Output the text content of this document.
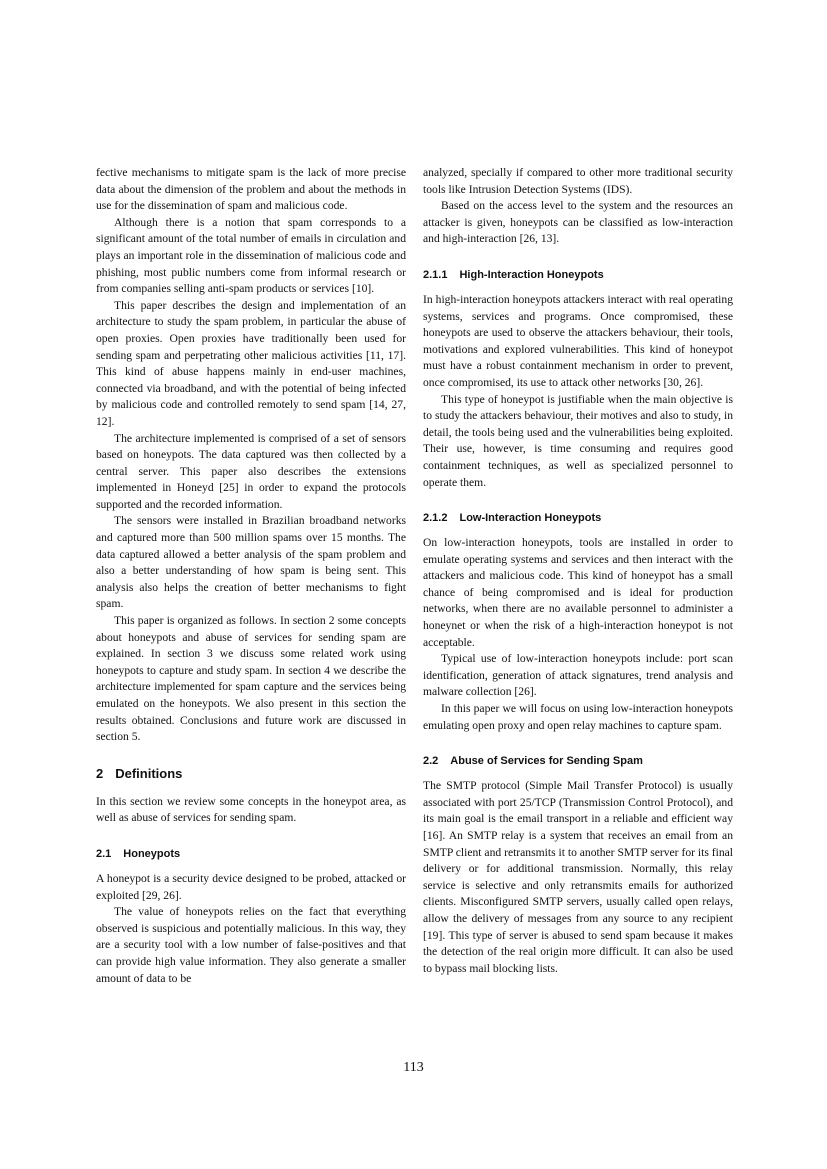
fective mechanisms to mitigate spam is the lack of more precise data about the dimension of the problem and about the methods in use for the dissemination of spam and malicious code.

Although there is a notion that spam corresponds to a significant amount of the total number of emails in circulation and plays an important role in the dissemination of malicious code and phishing, most public numbers come from informal research or from companies selling anti-spam products or services [10].

This paper describes the design and implementation of an architecture to study the spam problem, in particular the abuse of open proxies. Open proxies have traditionally been used for sending spam and perpetrating other malicious activities [11, 17]. This kind of abuse happens mainly in end-user machines, connected via broadband, and with the potential of being infected by malicious code and controlled remotely to send spam [14, 27, 12].

The architecture implemented is comprised of a set of sensors based on honeypots. The data captured was then collected by a central server. This paper also describes the extensions implemented in Honeyd [25] in order to expand the protocols supported and the recorded information.

The sensors were installed in Brazilian broadband networks and captured more than 500 million spams over 15 months. The data captured allowed a better analysis of the spam problem and also a better understanding of how spam is being sent. This analysis also helps the creation of better mechanisms to fight spam.

This paper is organized as follows. In section 2 some concepts about honeypots and abuse of services for sending spam are explained. In section 3 we discuss some related work using honeypots to capture and study spam. In section 4 we describe the architecture implemented for spam capture and the services being emulated on the honeypots. We also present in this section the results obtained. Conclusions and future work are discussed in section 5.

2 Definitions

In this section we review some concepts in the honeypot area, as well as abuse of services for sending spam.

2.1 Honeypots

A honeypot is a security device designed to be probed, attacked or exploited [29, 26].

The value of honeypots relies on the fact that everything observed is suspicious and potentially malicious. In this way, they are a security tool with a low number of false-positives and that can provide high value information. They also generate a smaller amount of data to be

analyzed, specially if compared to other more traditional security tools like Intrusion Detection Systems (IDS).

Based on the access level to the system and the resources an attacker is given, honeypots can be classified as low-interaction and high-interaction [26, 13].

2.1.1 High-Interaction Honeypots

In high-interaction honeypots attackers interact with real operating systems, services and programs. Once compromised, these honeypots are used to observe the attackers behaviour, their tools, motivations and explored vulnerabilities. This kind of honeypot must have a robust containment mechanism in order to prevent, once compromised, its use to attack other networks [30, 26].

This type of honeypot is justifiable when the main objective is to study the attackers behaviour, their motives and also to study, in detail, the tools being used and the vulnerabilities being exploited. Their use, however, is time consuming and requires good containment techniques, as well as specialized personnel to operate them.

2.1.2 Low-Interaction Honeypots

On low-interaction honeypots, tools are installed in order to emulate operating systems and services and then interact with the attackers and malicious code. This kind of honeypot has a small chance of being compromised and is ideal for production networks, when there are no available personnel to administer a honeynet or when the risk of a high-interaction honeypot is not acceptable.

Typical use of low-interaction honeypots include: port scan identification, generation of attack signatures, trend analysis and malware collection [26].

In this paper we will focus on using low-interaction honeypots emulating open proxy and open relay machines to capture spam.

2.2 Abuse of Services for Sending Spam

The SMTP protocol (Simple Mail Transfer Protocol) is usually associated with port 25/TCP (Transmission Control Protocol), and its main goal is the email transport in a reliable and efficient way [16]. An SMTP relay is a system that receives an email from an SMTP client and retransmits it to another SMTP server for its final delivery or for additional transmission. Normally, this relay service is selective and only retransmits emails for authorized clients. Misconfigured SMTP servers, usually called open relays, allow the delivery of messages from any source to any recipient [19]. This type of server is abused to send spam because it makes the detection of the real origin more difficult. It can also be used to bypass mail blocking lists.

113
